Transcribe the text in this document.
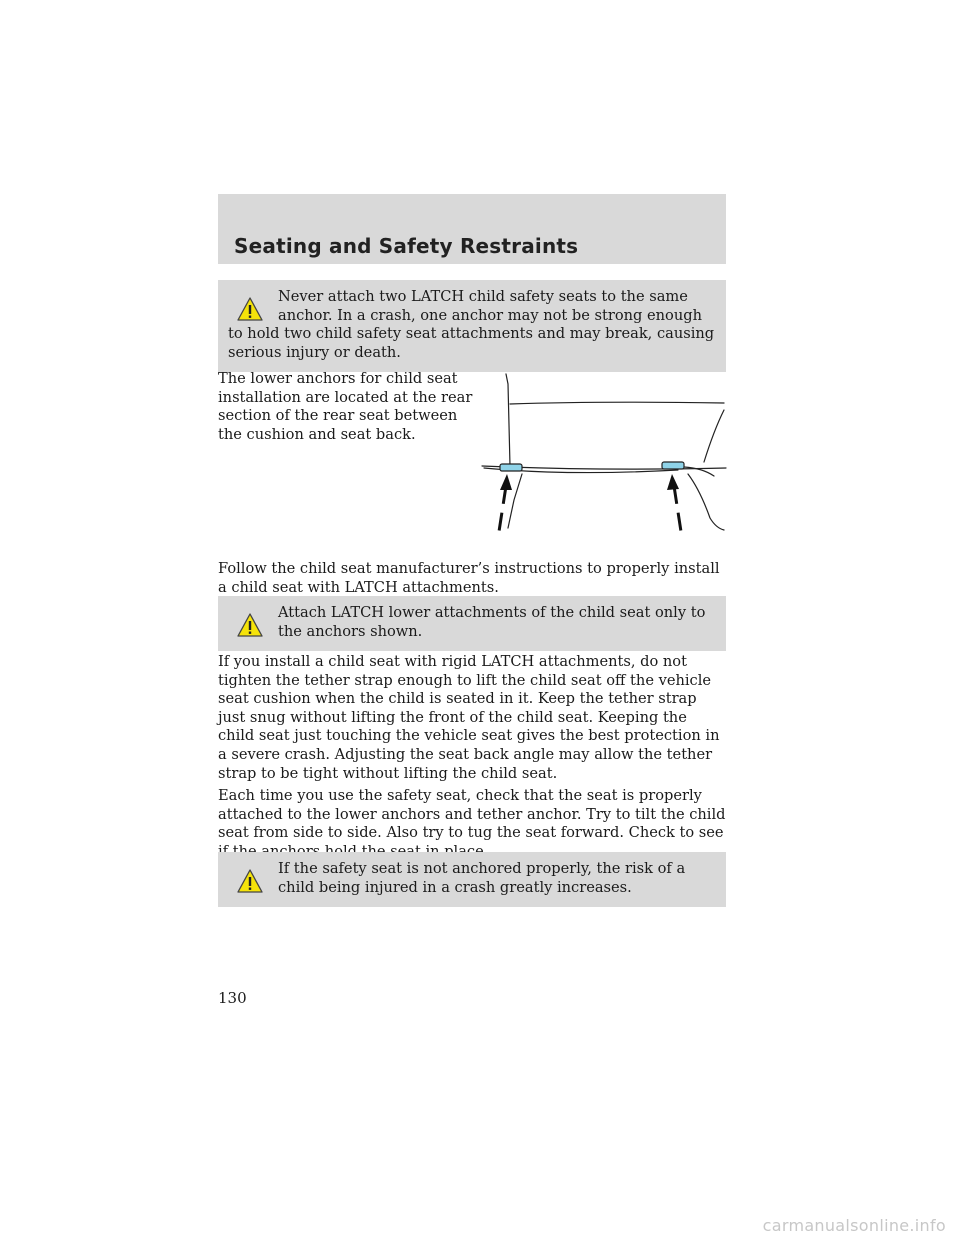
Seating and Safety Restraints

Never attach two LATCH child safety seats to the same anchor. In a crash, one anchor may not be strong enough to hold two child safety seat attachments and may break, causing serious injury or death.

The lower anchors for child seat installation are located at the rear section of the rear seat between the cushion and seat back.

Follow the child seat manufacturer’s instructions to properly install a child seat with LATCH attachments.

Attach LATCH lower attachments of the child seat only to the anchors shown.

If you install a child seat with rigid LATCH attachments, do not tighten the tether strap enough to lift the child seat off the vehicle seat cushion when the child is seated in it. Keep the tether strap just snug without lifting the front of the child seat. Keeping the child seat just touching the vehicle seat gives the best protection in a severe crash. Adjusting the seat back angle may allow the tether strap to be tight without lifting the child seat.

Each time you use the safety seat, check that the seat is properly attached to the lower anchors and tether anchor. Try to tilt the child seat from side to side. Also try to tug the seat forward. Check to see

If the safety seat is not anchored properly, the risk of a child being injured in a crash greatly increases.

130
carmanualsonline.info
